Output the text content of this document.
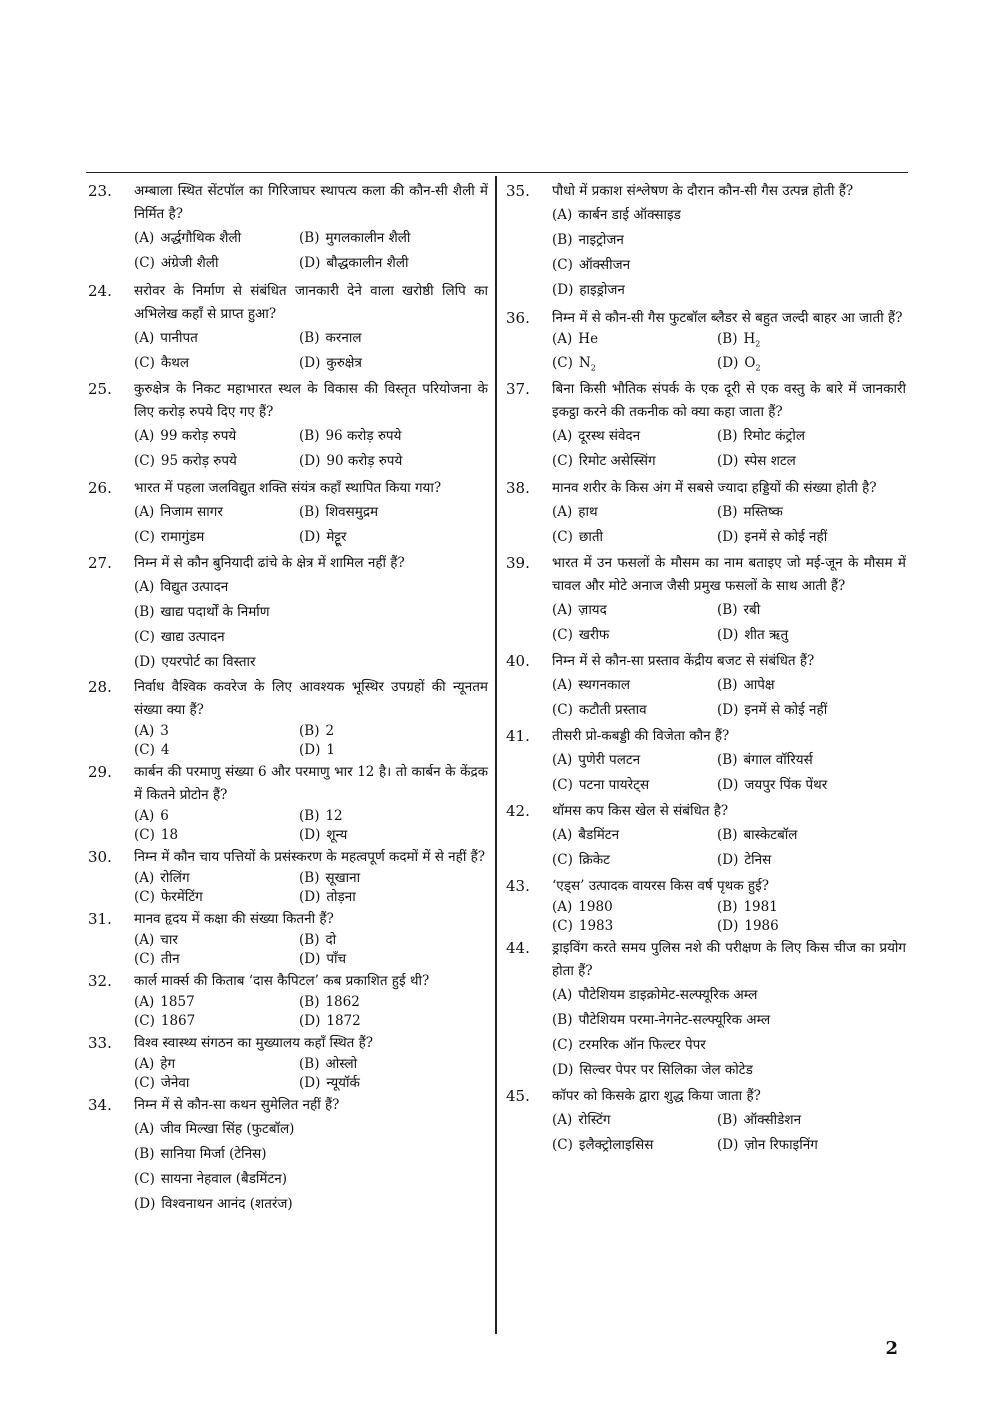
23. अम्बाला स्थित सेंटपॉल का गिरिजाघर स्थापत्य कला की कौन-सी शैली में निर्मित है?
(A) अर्द्धगौथिक शैली	(B) मुगलकालीन शैली
(C) अंग्रेजी शैली	(D) बौद्धकालीन शैली
24. सरोवर के निर्माण से संबंधित जानकारी देने वाला खरोष्ठी लिपि का अभिलेख कहाँ से प्राप्त हुआ?
(A) पानीपत	(B) करनाल
(C) कैथल	(D) कुरुक्षेत्र
25. कुरुक्षेत्र के निकट महाभारत स्थल के विकास की विस्तृत परियोजना के लिए करोड़ रुपये दिए गए हैं?
(A) 99 करोड़ रुपये	(B) 96 करोड़ रुपये
(C) 95 करोड़ रुपये	(D) 90 करोड़ रुपये
26. भारत में पहला जलविद्युत शक्ति संयंत्र कहाँ स्थापित किया गया?
(A) निजाम सागर	(B) शिवसमुद्रम
(C) रामागुंडम	(D) मेट्टूर
27. निम्न में से कौन बुनियादी ढांचे के क्षेत्र में शामिल नहीं हैं?
(A) विद्युत उत्पादन
(B) खाद्य पदार्थों के निर्माण
(C) खाद्य उत्पादन
(D) एयरपोर्ट का विस्तार
28. निर्वाध वैश्विक कवरेज के लिए आवश्यक भूस्थिर उपग्रहों की न्यूनतम संख्या क्या हैं?
(A) 3	(B) 2
(C) 4	(D) 1
29. कार्बन की परमाणु संख्या 6 और परमाणु भार 12 है। तो कार्बन के केंद्रक में कितने प्रोटोन हैं?
(A) 6	(B) 12
(C) 18	(D) शून्य
30. निम्न में कौन चाय पत्तियों के प्रसंस्करण के महत्वपूर्ण कदमों में से नहीं हैं?
(A) रोलिंग	(B) सूखाना
(C) फेरमेंटिंग	(D) तोड़ना
31. मानव हृदय में कक्षा की संख्या कितनी हैं?
(A) चार	(B) दो
(C) तीन	(D) पाँच
32. कार्ल मार्क्स की किताब ‘दास कैपिटल’ कब प्रकाशित हुई थी?
(A) 1857	(B) 1862
(C) 1867	(D) 1872
33. विश्व स्वास्थ्य संगठन का मुख्यालय कहाँ स्थित हैं?
(A) हेग	(B) ओस्लो
(C) जेनेवा	(D) न्यूयॉर्क
34. निम्न में से कौन-सा कथन सुमेलित नहीं हैं?
(A) जीव मिल्खा सिंह (फुटबॉल)
(B) सानिया मिर्जा (टेनिस)
(C) सायना नेहवाल (बैडमिंटन)
(D) विश्वनाथन आनंद (शतरंज)
35. पौधो में प्रकाश संश्लेषण के दौरान कौन-सी गैस उत्पन्न होती हैं?
(A) कार्बन डाई ऑक्साइड
(B) नाइट्रोजन
(C) ऑक्सीजन
(D) हाइड्रोजन
36. निम्न में से कौन-सी गैस फुटबॉल ब्लैडर से बहुत जल्दी बाहर आ जाती हैं?
(A) He	(B) $H_2$
(C) $N_2$	(D) $O_2$
37. बिना किसी भौतिक संपर्क के एक दूरी से एक वस्तु के बारे में जानकारी इकट्ठा करने की तकनीक को क्या कहा जाता हैं?
(A) दूरस्थ संवेदन	(B) रिमोट कंट्रोल
(C) रिमोट असेस्सिंग	(D) स्पेस शटल
38. मानव शरीर के किस अंग में सबसे ज्यादा हड्डियों की संख्या होती है?
(A) हाथ	(B) मस्तिष्क
(C) छाती	(D) इनमें से कोई नहीं
39. भारत में उन फसलों के मौसम का नाम बताइए जो मई-जून के मौसम में चावल और मोटे अनाज जैसी प्रमुख फसलों के साथ आती हैं?
(A) ज़ायद	(B) रबी
(C) खरीफ	(D) शीत ऋतु
40. निम्न में से कौन-सा प्रस्ताव केंद्रीय बजट से संबंधित हैं?
(A) स्थगनकाल	(B) आपेक्ष
(C) कटौती प्रस्ताव	(D) इनमें से कोई नहीं
41. तीसरी प्रो-कबड्डी की विजेता कौन हैं?
(A) पुणेरी पलटन	(B) बंगाल वॉरियर्स
(C) पटना पायरेट्स	(D) जयपुर पिंक पेंथर
42. थॉमस कप किस खेल से संबंधित है?
(A) बैडमिंटन	(B) बास्केटबॉल
(C) क्रिकेट	(D) टेनिस
43. ‘एड्स’ उत्पादक वायरस किस वर्ष पृथक हुई?
(A) 1980	(B) 1981
(C) 1983	(D) 1986
44. ड्राइविंग करते समय पुलिस नशे की परीक्षण के लिए किस चीज का प्रयोग होता हैं?
(A) पौटेशियम डाइक्रोमेट-सल्फ्यूरिक अम्ल
(B) पौटेशियम परमा-नेगनेट-सल्फ्यूरिक अम्ल
(C) टरमरिक ऑन फिल्टर पेपर
(D) सिल्वर पेपर पर सिलिका जेल कोटेड
45. कॉपर को किसके द्वारा शुद्ध किया जाता हैं?
(A) रोस्टिंग	(B) ऑक्सीडेशन
(C) इलैक्ट्रोलाइसिस	(D) ज़ोन रिफाइनिंग
2
